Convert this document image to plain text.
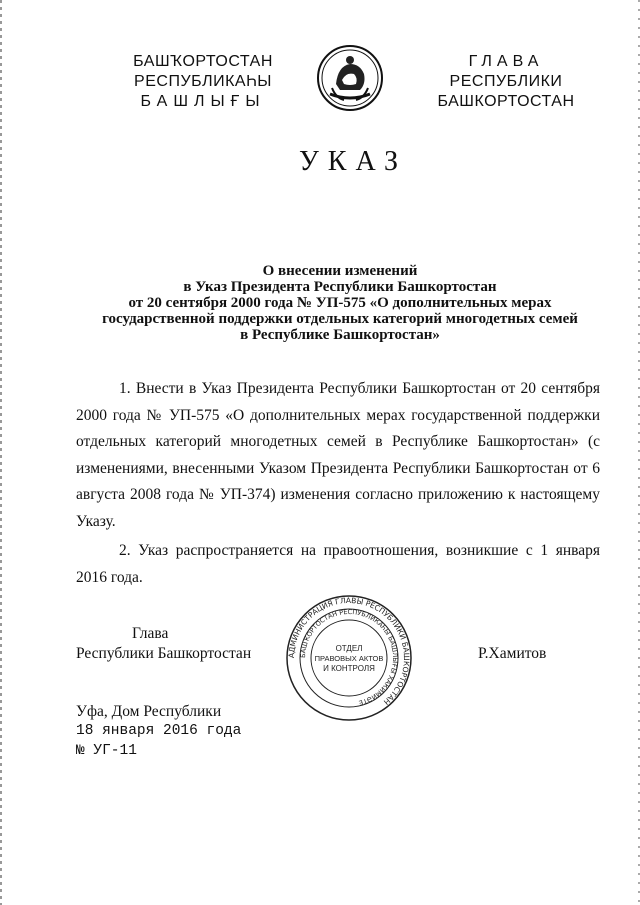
БАШҠОРТОСТАН
РЕСПУБЛИКАҺЫ
БАШЛЫҒЫ
ГЛАВА
РЕСПУБЛИКИ
БАШКОРТОСТАН
УКАЗ
О внесении изменений
в Указ Президента Республики Башкортостан
от 20 сентября 2000 года № УП-575 «О дополнительных мерах
государственной поддержки отдельных категорий многодетных семей
в Республике Башкортостан»

1. Внести в Указ Президента Республики Башкортостан от 20 сентября 2000 года № УП-575 «О дополнительных мерах государственной поддержки отдельных категорий многодетных семей в Республике Башкортостан» (с изменениями, внесенными Указом Президента Республики Башкортостан от 6 августа 2008 года № УП-374) изменения согласно приложению к настоящему Указу.

2. Указ распространяется на правоотношения, возникшие с 1 января 2016 года.

Глава
Республики Башкортостан	Р.Хамитов
АДМИНИСТРАЦИЯ ГЛАВЫ РЕСПУБЛИКИ БАШКОРТОСТАН
БАШҠОРТОСТАН РЕСПУБЛИКАҺЫ БАШЛЫҒЫ ХАКИМИӘТЕ
ОТДЕЛ
ПРАВОВЫХ АКТОВ
И КОНТРОЛЯ
Уфа, Дом Республики
18 января 2016 года
№ УГ-11
